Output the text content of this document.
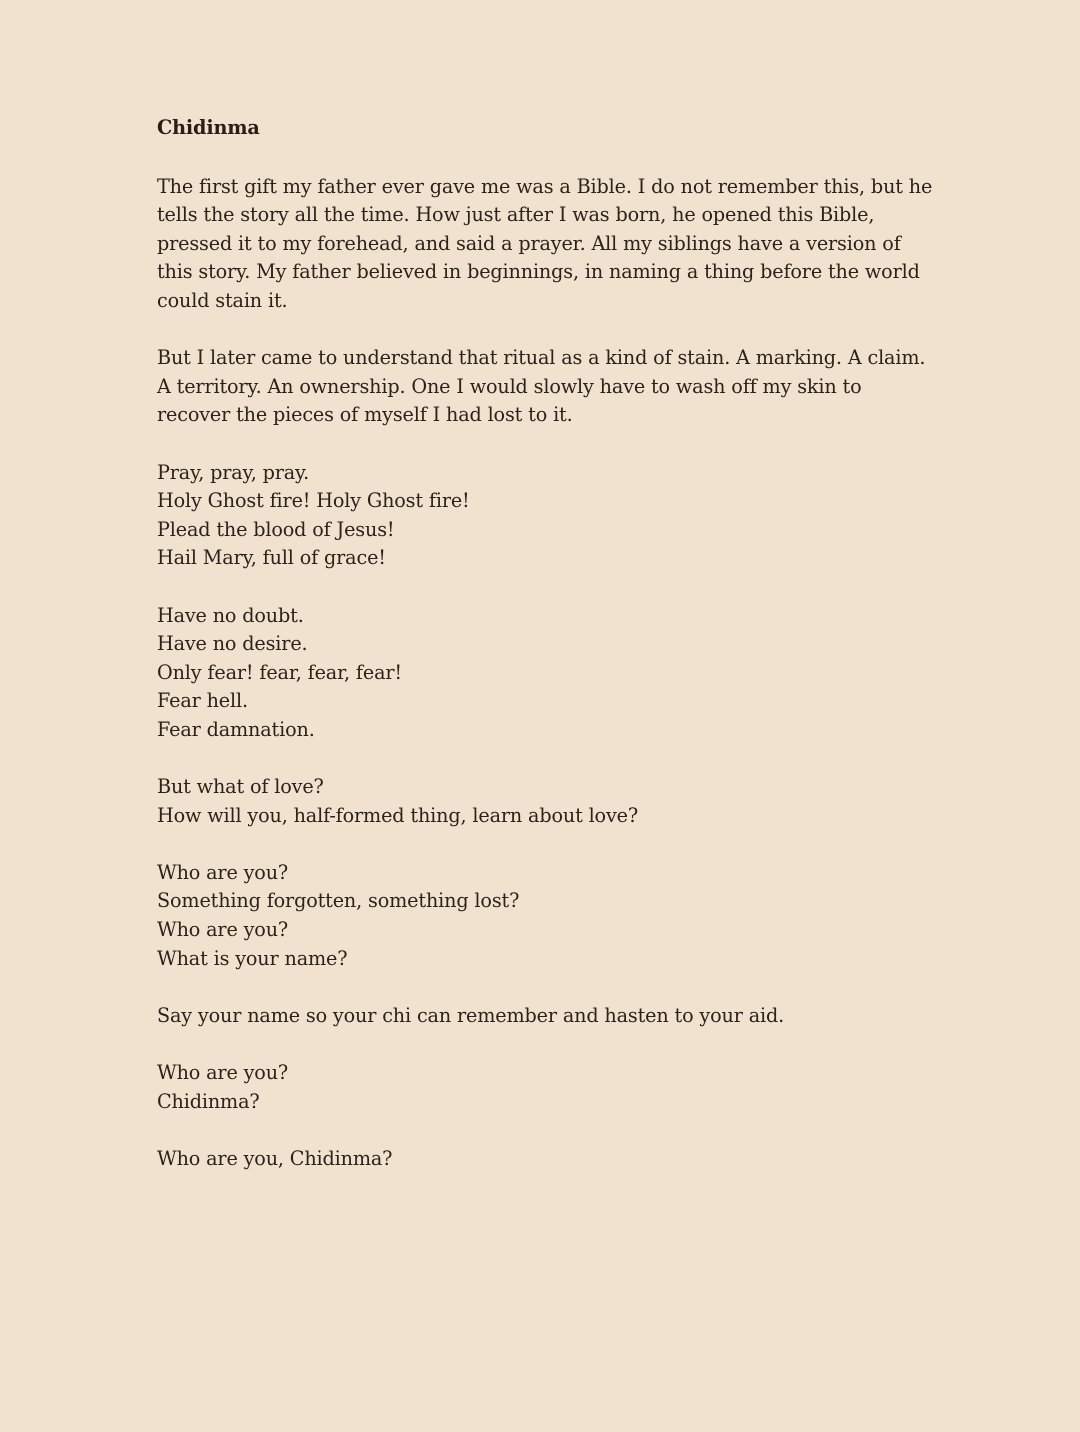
Chidinma

The first gift my father ever gave me was a Bible. I do not remember this, but he tells the story all the time. How just after I was born, he opened this Bible, pressed it to my forehead, and said a prayer. All my siblings have a version of this story. My father believed in beginnings, in naming a thing before the world could stain it.

But I later came to understand that ritual as a kind of stain. A marking. A claim. A territory. An ownership. One I would slowly have to wash off my skin to recover the pieces of myself I had lost to it.

Pray, pray, pray.
Holy Ghost fire! Holy Ghost fire!
Plead the blood of Jesus!
Hail Mary, full of grace!
Have no doubt.
Have no desire.
Only fear! fear, fear, fear!
Fear hell.
Fear damnation.
But what of love?
How will you, half-formed thing, learn about love?
Who are you?
Something forgotten, something lost?
Who are you?
What is your name?
Say your name so your chi can remember and hasten to your aid.
Who are you?
Chidinma?
Who are you, Chidinma?
